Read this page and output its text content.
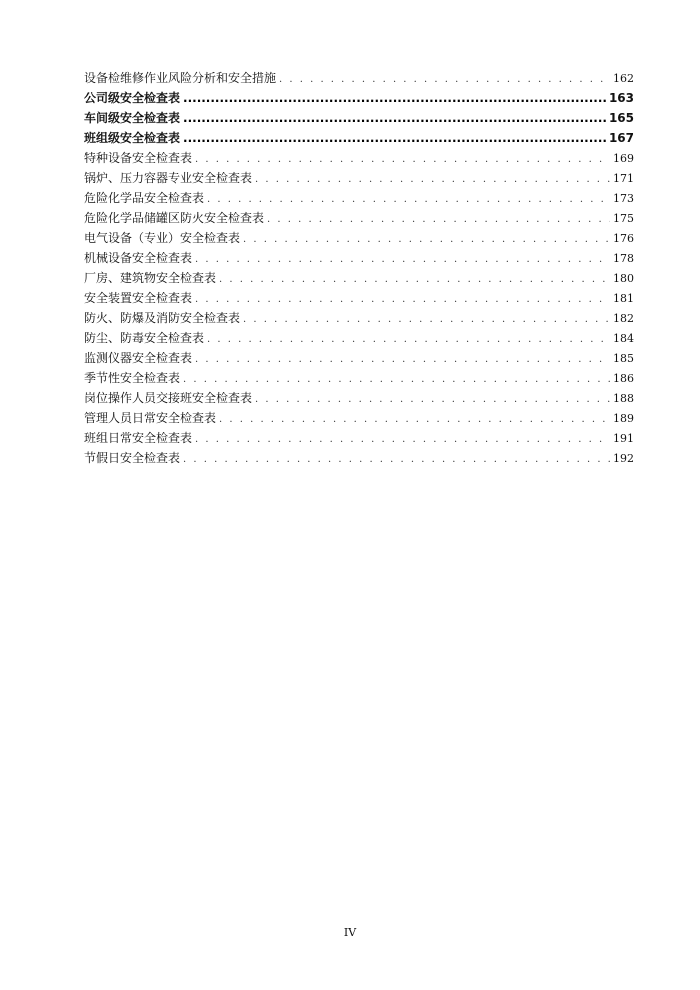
设备检维修作业风险分析和安全措施 . . .	162
公司级安全检查表 .....	163
车间级安全检查表 .....	165
班组级安全检查表 .....	167
特种设备安全检查表 . . .	169
锅炉、压力容器专业安全检查表 . . .	171
危险化学品安全检查表 . . .	173
危险化学品储罐区防火安全检查表 . . .	175
电气设备（专业）安全检查表 . . .	176
机械设备安全检查表 . . .	178
厂房、建筑物安全检查表 . . .	180
安全装置安全检查表 . . .	181
防火、防爆及消防安全检查表 . . .	182
防尘、防毒安全检查表 . . .	184
监测仪器安全检查表 . . .	185
季节性安全检查表 . . .	186
岗位操作人员交接班安全检查表 . . .	188
管理人员日常安全检查表 . . .	189
班组日常安全检查表 . . .	191
节假日安全检查表 . . .	192
IV
